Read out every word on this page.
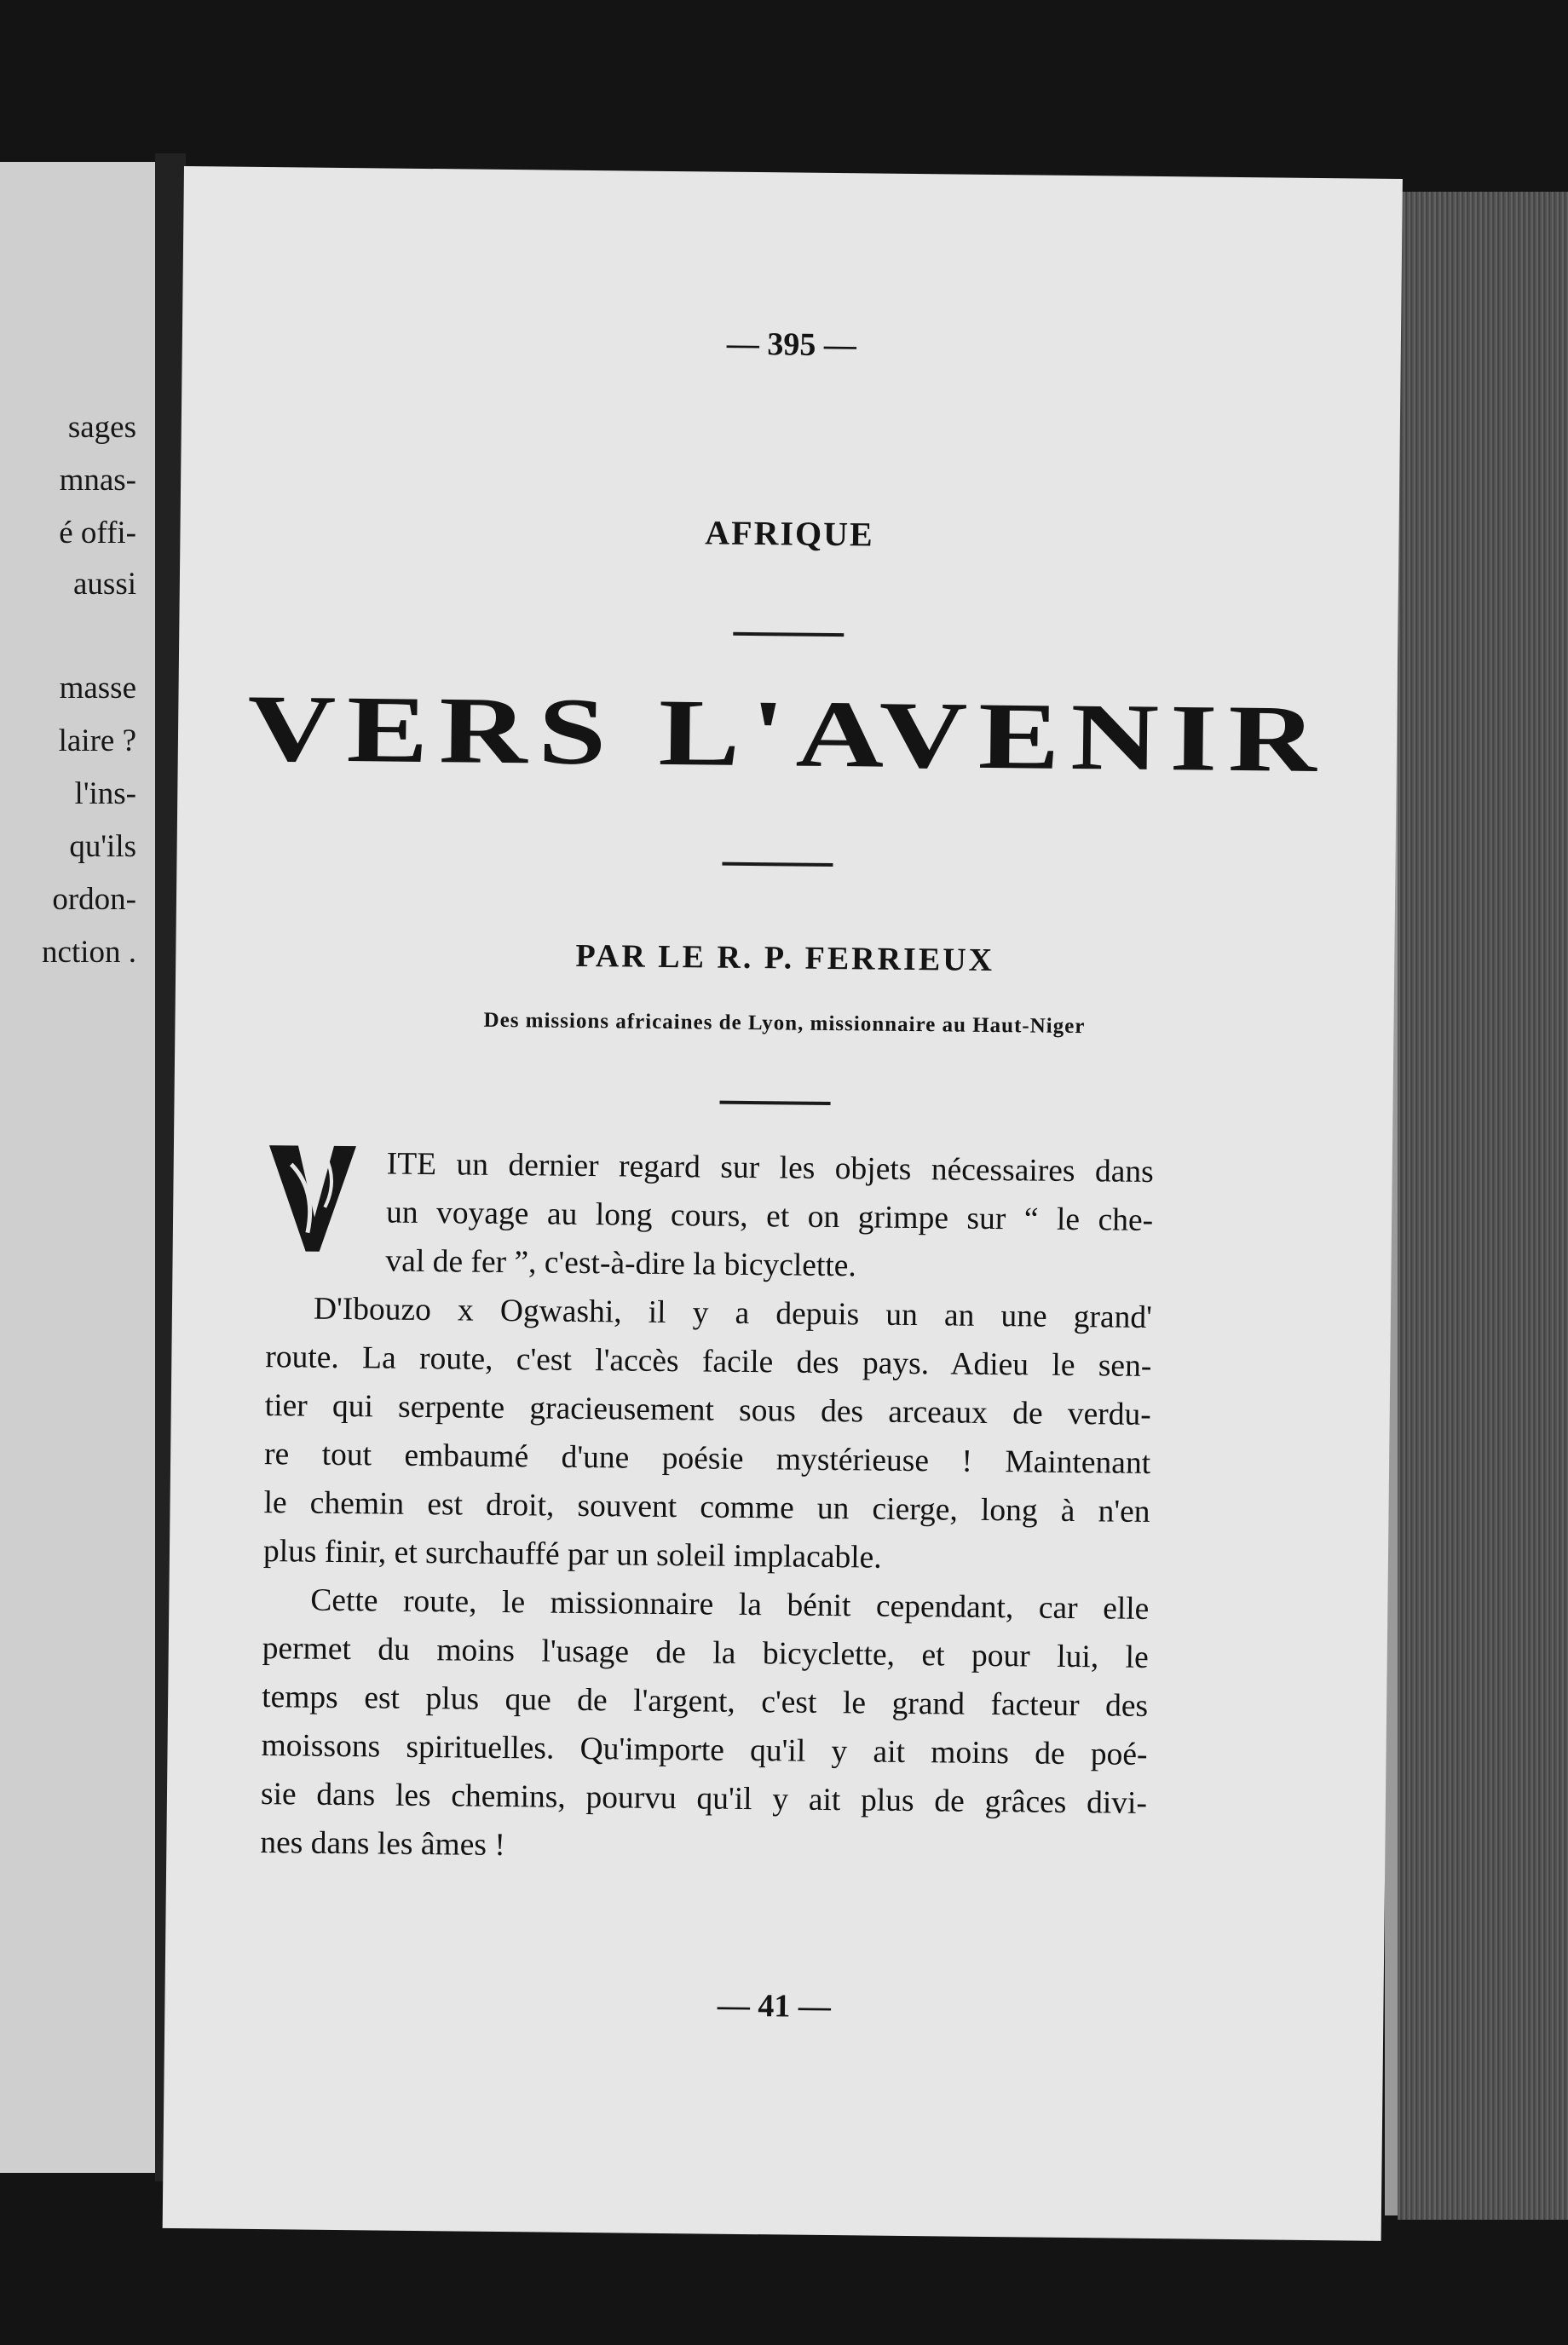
sages
mnas-
é offi-
aussi
masse
laire ?
l'ins-
qu'ils
ordon-
nction .
— 395 —
AFRIQUE
VERS L'AVENIR
PAR LE R. P. FERRIEUX
Des missions africaines de Lyon, missionnaire au Haut-Niger
ITE un dernier regard sur les objets nécessaires dans
un voyage au long cours, et on grimpe sur “ le che-
val de fer ”, c'est-à-dire la bicyclette.
D'Ibouzo x Ogwashi, il y a depuis un an une grand'
route. La route, c'est l'accès facile des pays. Adieu le sen-
tier qui serpente gracieusement sous des arceaux de verdu-
re tout embaumé d'une poésie mystérieuse ! Maintenant
le chemin est droit, souvent comme un cierge, long à n'en
plus finir, et surchauffé par un soleil implacable.
Cette route, le missionnaire la bénit cependant, car elle
permet du moins l'usage de la bicyclette, et pour lui, le
temps est plus que de l'argent, c'est le grand facteur des
moissons spirituelles. Qu'importe qu'il y ait moins de poé-
sie dans les chemins, pourvu qu'il y ait plus de grâces divi-
nes dans les âmes !
— 41 —
